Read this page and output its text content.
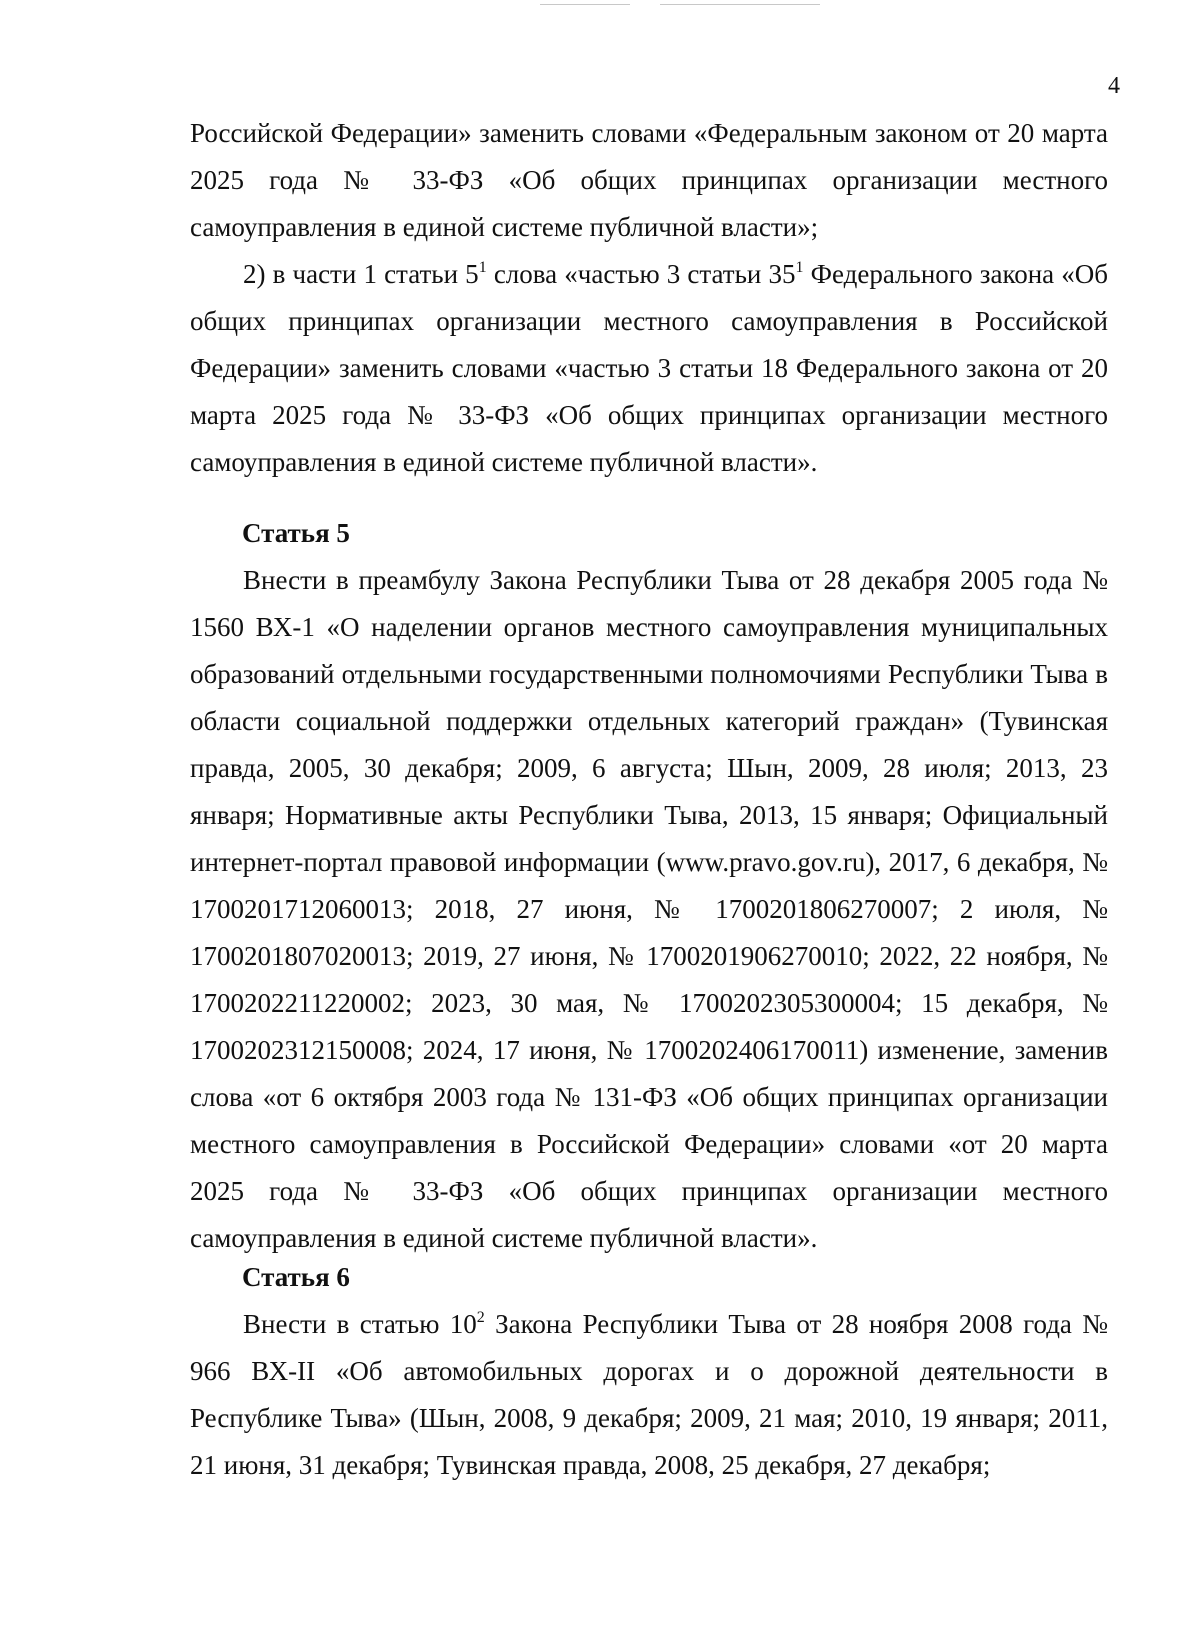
4

Российской Федерации» заменить словами «Федеральным законом от 20 марта 2025 года № 33-ФЗ «Об общих принципах организации местного самоуправления в единой системе публичной власти»;

2) в части 1 статьи $5^1$ слова «частью 3 статьи $35^1$ Федерального закона «Об общих принципах организации местного самоуправления в Российской Федерации» заменить словами «частью 3 статьи 18 Федерального закона от 20 марта 2025 года № 33-ФЗ «Об общих принципах организации местного самоуправления в единой системе публичной власти».

Статья 5

Внести в преамбулу Закона Республики Тыва от 28 декабря 2005 года № 1560 ВХ-1 «О наделении органов местного самоуправления муниципальных образований отдельными государственными полномочиями Республики Тыва в области социальной поддержки отдельных категорий граждан» (Тувинская правда, 2005, 30 декабря; 2009, 6 августа; Шын, 2009, 28 июля; 2013, 23 января; Нормативные акты Республики Тыва, 2013, 15 января; Официальный интернет-портал правовой информации (www.pravo.gov.ru), 2017, 6 декабря, № 1700201712060013; 2018, 27 июня, № 1700201806270007; 2 июля, № 1700201807020013; 2019, 27 июня, № 1700201906270010; 2022, 22 ноября, № 1700202211220002; 2023, 30 мая, № 1700202305300004; 15 декабря, № 1700202312150008; 2024, 17 июня, № 1700202406170011) изменение, заменив слова «от 6 октября 2003 года № 131-ФЗ «Об общих принципах организации местного самоуправления в Российской Федерации» словами «от 20 марта 2025 года № 33-ФЗ «Об общих принципах организации местного самоуправления в единой системе публичной власти».

Статья 6

Внести в статью $10^2$ Закона Республики Тыва от 28 ноября 2008 года № 966 ВХ-II «Об автомобильных дорогах и о дорожной деятельности в Республике Тыва» (Шын, 2008, 9 декабря; 2009, 21 мая; 2010, 19 января; 2011, 21 июня, 31 декабря; Тувинская правда, 2008, 25 декабря, 27 декабря;
